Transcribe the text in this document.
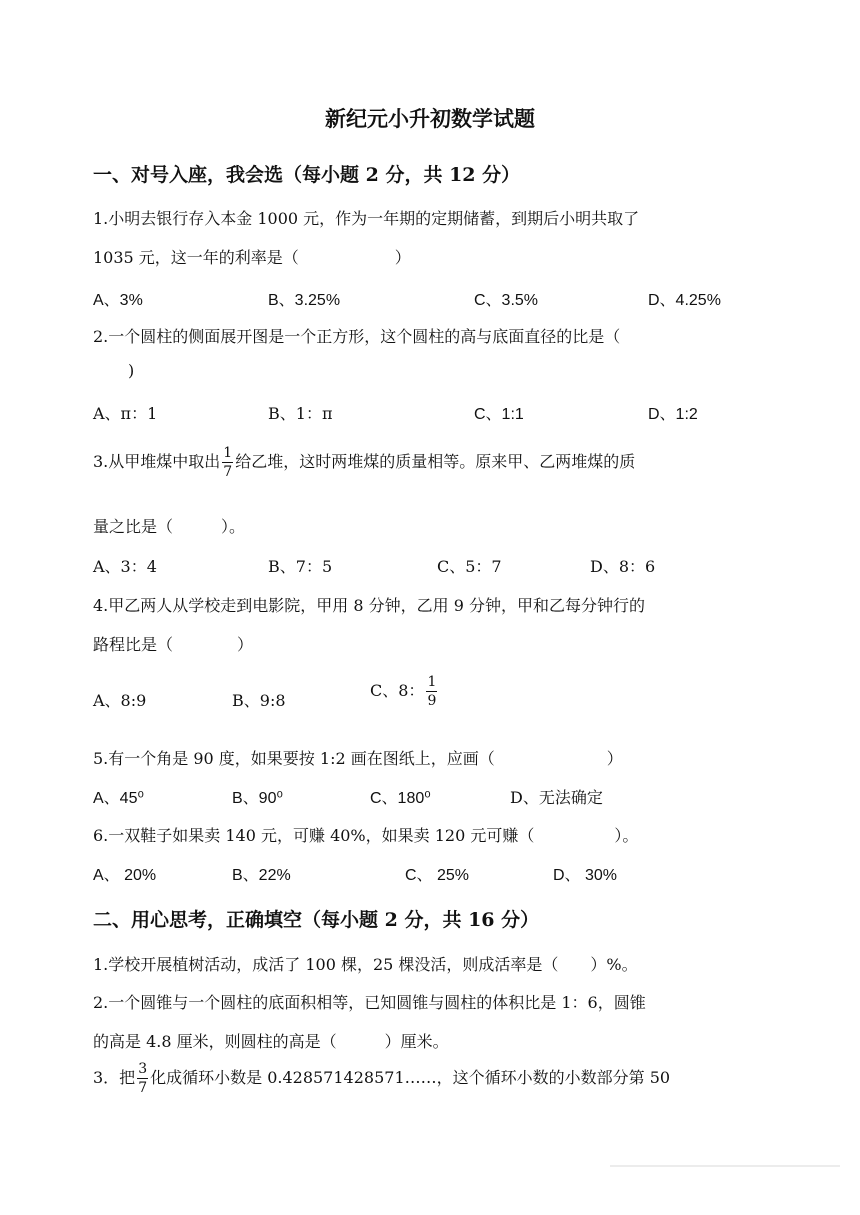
新纪元小升初数学试题
一、对号入座，我会选（每小题 2 分，共 12 分）
1.小明去银行存入本金 1000 元，作为一年期的定期储蓄，到期后小明共取了
1035 元，这一年的利率是（　　　　　　）
A、3%	B、3.25%	C、3.5%	D、4.25%
2.一个圆柱的侧面展开图是一个正方形，这个圆柱的高与底面直径的比是（
)
A、π：1	B、1：π	C、1:1	D、1:2
3.从甲堆煤中取出 $\frac{1}{7}$ 给乙堆，这时两堆煤的质量相等。原来甲、乙两堆煤的质
量之比是（　　　）。
A、3：4	B、7：5	C、5：7	D、8：6
4.甲乙两人从学校走到电影院，甲用 8 分钟，乙用 9 分钟，甲和乙每分钟行的
路程比是（　　　　）
A、8:9	B、9:8
C、8： $\frac{1}{9}$
5.有一个角是 90 度，如果要按 1:2 画在图纸上，应画（　　　　　　　）
A、45⁰	B、90⁰	C、180⁰	D、无法确定
6.一双鞋子如果卖 140 元，可赚 40%，如果卖 120 元可赚（　　　　　）。
A、 20%	B、22%	C、 25%	D、 30%
二、用心思考，正确填空（每小题 2 分，共 16 分）
1.学校开展植树活动，成活了 100 棵，25 棵没活，则成活率是（　　）%。
2.一个圆锥与一个圆柱的底面积相等，已知圆锥与圆柱的体积比是 1：6，圆锥
的高是 4.8 厘米，则圆柱的高是（　　　）厘米。
3．把 $\frac{3}{7}$ 化成循环小数是 0.428571428571……，这个循环小数的小数部分第 50
